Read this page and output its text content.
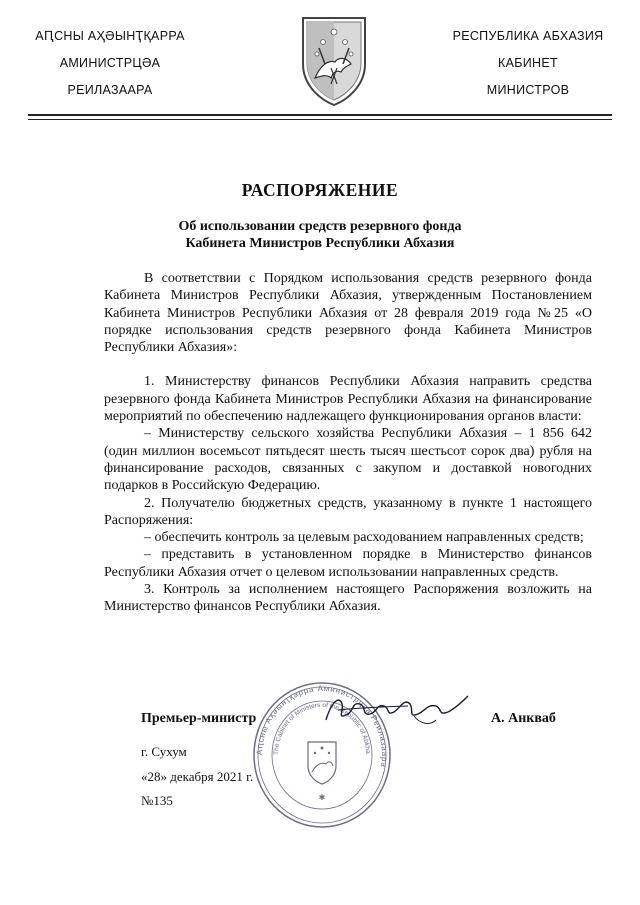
АԤСНЫ АҲӘЫНҬҚАРРА
АМИНИСТРЦӘА
РЕИЛАЗААРА
РЕСПУБЛИКА АБХАЗИЯ
КАБИНЕТ
МИНИСТРОВ
РАСПОРЯЖЕНИЕ
Об использовании средств резервного фонда
Кабинета Министров Республики Абхазия

В соответствии с Порядком использования средств резервного фонда Кабинета Министров Республики Абхазия, утвержденным Постановлением Кабинета Министров Республики Абхазия от 28 февраля 2019 года №25 «О порядке использования средств резервного фонда Кабинета Министров Республики Абхазия»:

1. Министерству финансов Республики Абхазия направить средства резервного фонда Кабинета Министров Республики Абхазия на финансирование мероприятий по обеспечению надлежащего функционирования органов власти:

– Министерству сельского хозяйства Республики Абхазия – 1 856 642 (один миллион восемьсот пятьдесят шесть тысяч шестьсот сорок два) рубля на финансирование расходов, связанных с закупом и доставкой новогодних подарков в Российскую Федерацию.

2. Получателю бюджетных средств, указанному в пункте 1 настоящего Распоряжения:

– обеспечить контроль за целевым расходованием направленных средств;

– представить в установленном порядке в Министерство финансов Республики Абхазия отчет о целевом использовании направленных средств.

3. Контроль за исполнением настоящего Распоряжения возложить на Министерство финансов Республики Абхазия.

Аԥсны Аҳәынҭқарра Аминистрцәа Реилазаара
The Cabinet of Ministers of the Republic of Abkha
✱
Премьер-министр	А. Анкваб
г. Сухум
«28» декабря 2021 г.
№135
